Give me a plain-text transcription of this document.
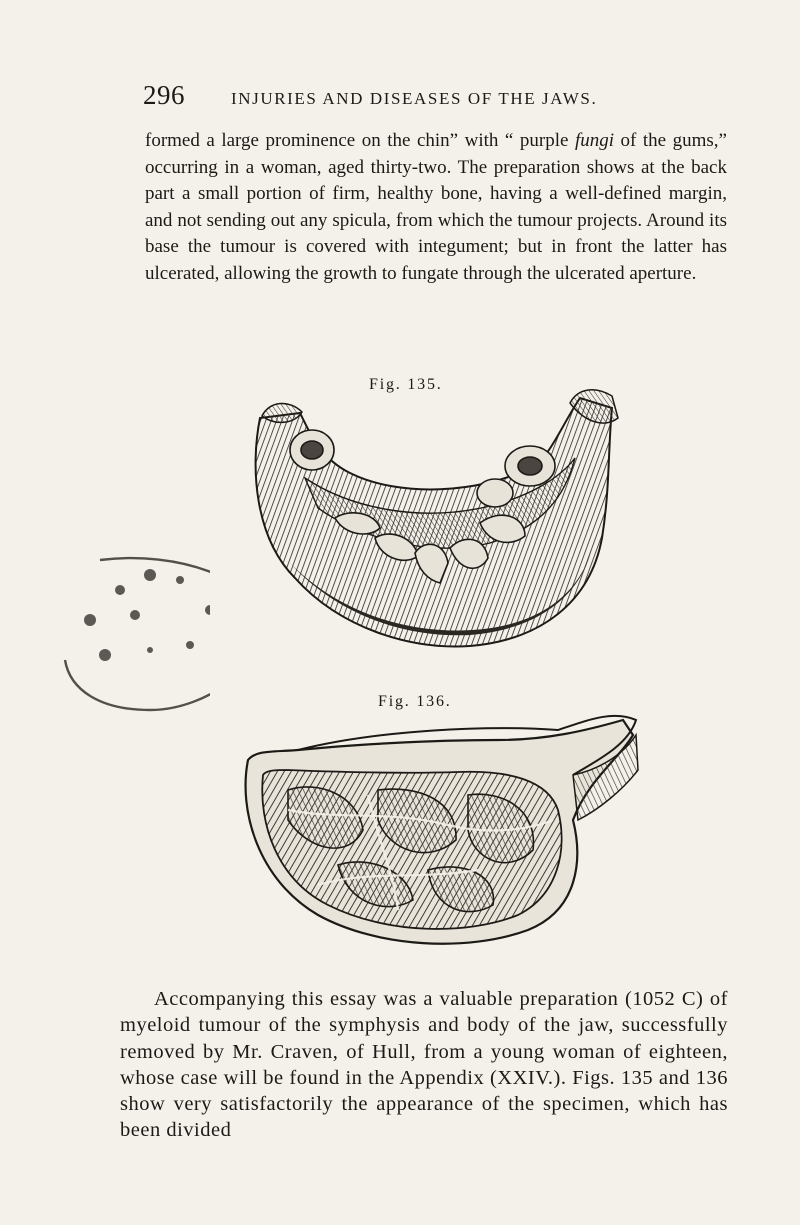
296	INJURIES AND DISEASES OF THE JAWS.

formed a large prominence on the chin” with “ purple fungi of the gums,” occurring in a woman, aged thirty-two. The preparation shows at the back part a small portion of firm, healthy bone, having a well-defined margin, and not sending out any spicula, from which the tumour projects. Around its base the tumour is covered with integument; but in front the latter has ulcerated, allowing the growth to fungate through the ulcerated aperture.

Fig. 135.
Fig. 136.

Accompanying this essay was a valuable preparation (1052 C) of myeloid tumour of the symphysis and body of the jaw, successfully removed by Mr. Craven, of Hull, from a young woman of eighteen, whose case will be found in the Appendix (XXIV.). Figs. 135 and 136 show very satisfactorily the appearance of the specimen, which has been divided
